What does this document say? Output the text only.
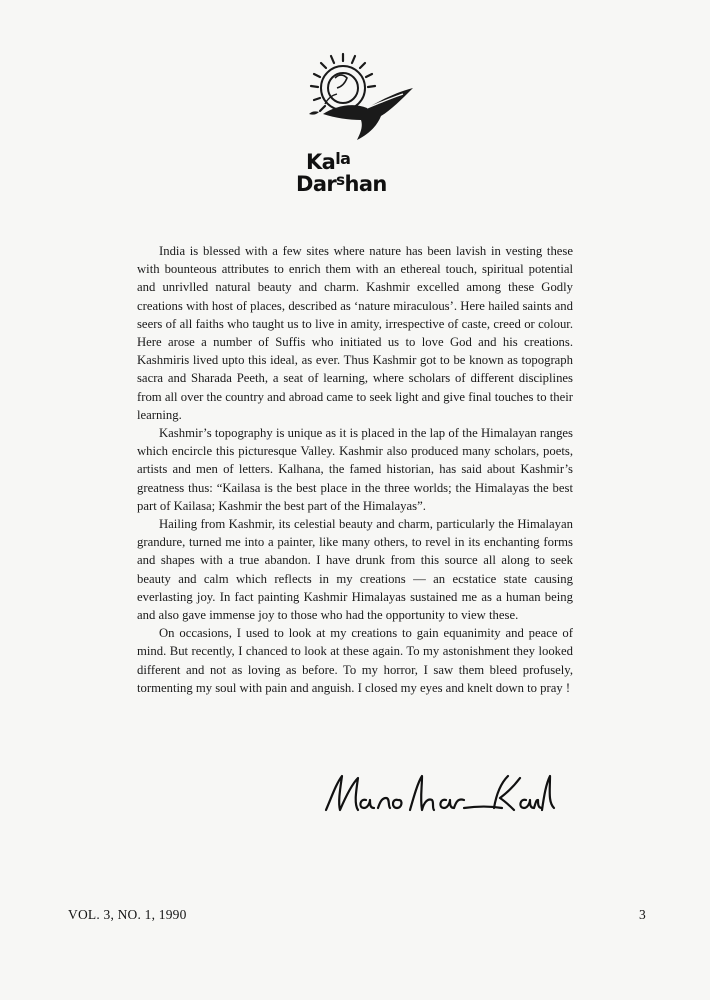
Kala
Darshan

India is blessed with a few sites where nature has been lavish in vesting these with bounteous attributes to enrich them with an ethereal touch, spiritual potential and unrivlled natural beauty and charm. Kashmir excelled among these Godly creations with host of places, described as ‘nature miraculous’. Here hailed saints and seers of all faiths who taught us to live in amity, irrespective of caste, creed or colour. Here arose a number of Suffis who initiated us to love God and his creations. Kashmiris lived upto this ideal, as ever. Thus Kashmir got to be known as topograph sacra and Sharada Peeth, a seat of learning, where scholars of different disciplines from all over the country and abroad came to seek light and give final touches to their learning.

Kashmir’s topography is unique as it is placed in the lap of the Himalayan ranges which encircle this picturesque Valley. Kashmir also produced many scholars, poets, artists and men of letters. Kalhana, the famed historian, has said about Kashmir’s greatness thus: “Kailasa is the best place in the three worlds; the Himalayas the best part of Kailasa; Kashmir the best part of the Himalayas”.

Hailing from Kashmir, its celestial beauty and charm, particularly the Himalayan grandure, turned me into a painter, like many others, to revel in its enchanting forms and shapes with a true abandon. I have drunk from this source all along to seek beauty and calm which reflects in my creations — an ecstatice state causing everlasting joy. In fact painting Kashmir Himalayas sustained me as a human being and also gave immense joy to those who had the opportunity to view these.

On occasions, I used to look at my creations to gain equanimity and peace of mind. But recently, I chanced to look at these again. To my astonishment they looked different and not as loving as before. To my horror, I saw them bleed profusely, tormenting my soul with pain and anguish. I closed my eyes and knelt down to pray !

VOL. 3, NO. 1, 1990	3
